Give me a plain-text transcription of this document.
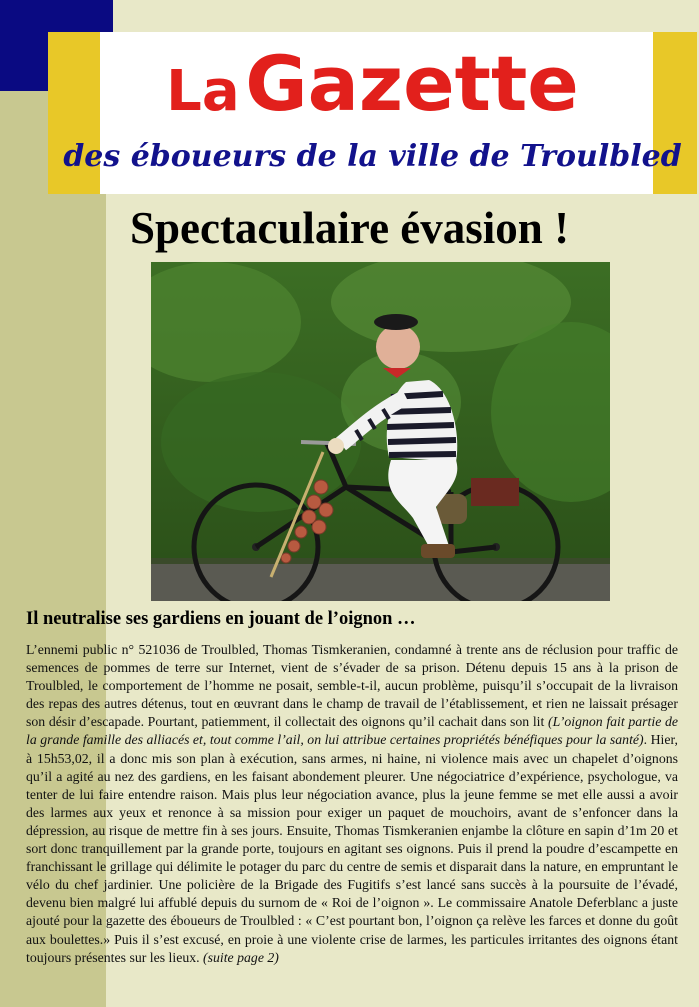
La Gazette
des éboueurs de la ville de Troulbled
Spectaculaire évasion !
Il neutralise ses gardiens en jouant de l’oignon …
L’ennemi public n° 521036 de Troulbled, Thomas Tismkeranien, condamné à trente ans de réclusion pour traffic de semences de pommes de terre sur Internet, vient de s’évader de sa prison. Détenu depuis 15 ans à la prison de Troulbled, le comportement de l’homme ne posait, semble-t-il, aucun problème, puisqu’il s’occupait de la livraison des repas des autres détenus, tout en œuvrant dans le champ de travail de l’établissement, et rien ne laissait présager son désir d’escapade. Pourtant, patiemment, il collectait des oignons qu’il cachait dans son lit (L’oignon fait partie de la grande famille des alliacés et, tout comme l’ail, on lui attribue certaines propriétés bénéfiques pour la santé). Hier, à 15h53,02, il a donc mis son plan à exécution, sans armes, ni haine, ni violence mais avec un chapelet d’oignons qu’il a agité au nez des gardiens, en les faisant abondement pleurer. Une négociatrice d’expérience, psychologue, va tenter de lui faire entendre raison. Mais plus leur négociation avance, plus la jeune femme se met elle aussi a avoir des larmes aux yeux et renonce à sa mission pour exiger un paquet de mouchoirs, avant de s’enfoncer dans la dépression, au risque de mettre fin à ses jours. Ensuite, Thomas Tismkeranien enjambe la clôture en sapin d’1m 20 et sort donc tranquillement par la grande porte, toujours en agitant ses oignons. Puis il prend la poudre d’escampette en franchissant le grillage qui délimite le potager du parc du centre de semis et disparait dans la nature, en empruntant le vélo du chef jardinier. Une policière de la Brigade des Fugitifs s’est lancé sans succès à la poursuite de l’évadé, devenu bien malgré lui affublé depuis du surnom de « Roi de l’oignon ». Le commissaire Anatole Deferblanc a juste ajouté pour la gazette des éboueurs de Troulbled : « C’est pourtant bon, l’oignon ça relève les farces et donne du goût aux boulettes.» Puis il s’est excusé, en proie à une violente crise de larmes, les particules irritantes des oignons étant toujours présentes sur les lieux. (suite page 2)
